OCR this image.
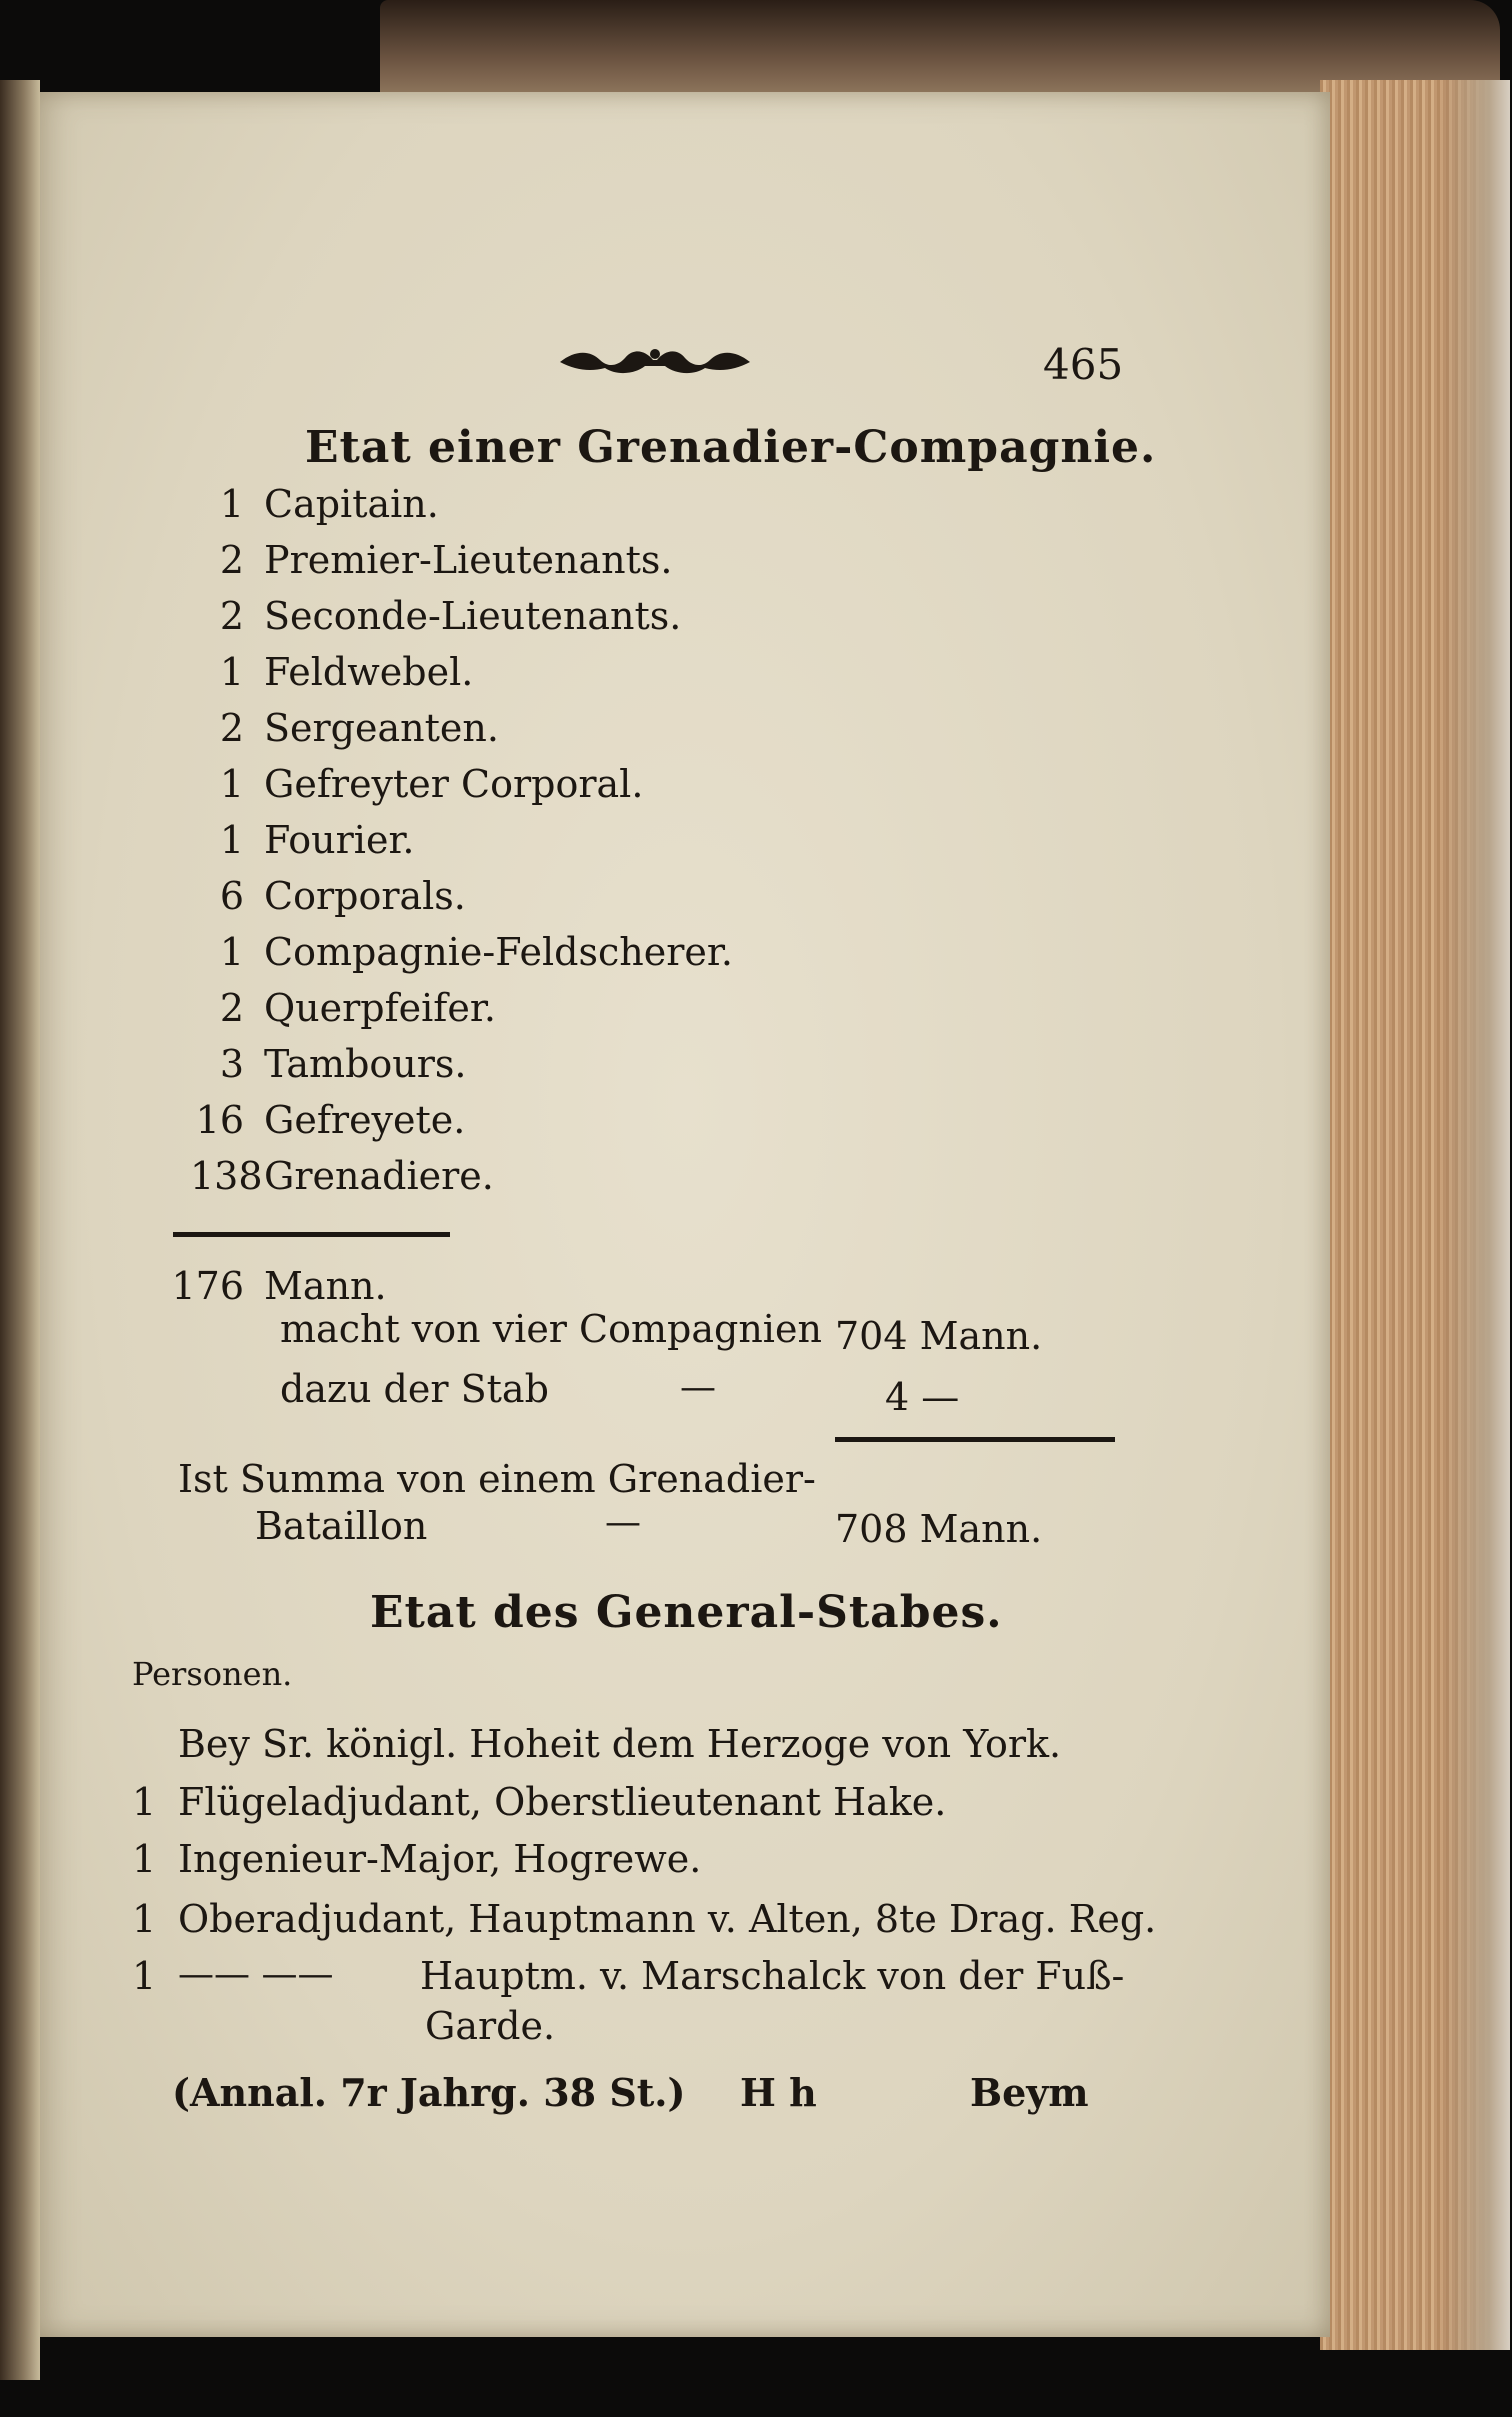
465
Etat einer Grenadier-Compagnie.
1 Capitain.
2 Premier-Lieutenants.
2 Seconde-Lieutenants.
1 Feldwebel.
2 Sergeanten.
1 Gefreyter Corporal.
1 Fourier.
6 Corporals.
1 Compagnie-Feldscherer.
2 Querpfeifer.
3 Tambours.
16 Gefreyete.
138 Grenadiere.
176 Mann.
macht von vier Compagnien 704 Mann.
dazu der Stab	—	4 —
Ist Summa von einem Grenadier-
Bataillon	—	708 Mann.
Etat des General-Stabes.
Personen.
Bey Sr. königl. Hoheit dem Herzoge von York.
1 Flügeladjudant, Oberstlieutenant Hake.
1 Ingenieur-Major, Hogrewe.
1 Oberadjudant, Hauptmann v. Alten, 8te Drag. Reg.
1 —— —— Hauptm. v. Marschalck von der Fuß-
Garde.
(Annal. 7r Jahrg. 38 St.) H h	Beym
